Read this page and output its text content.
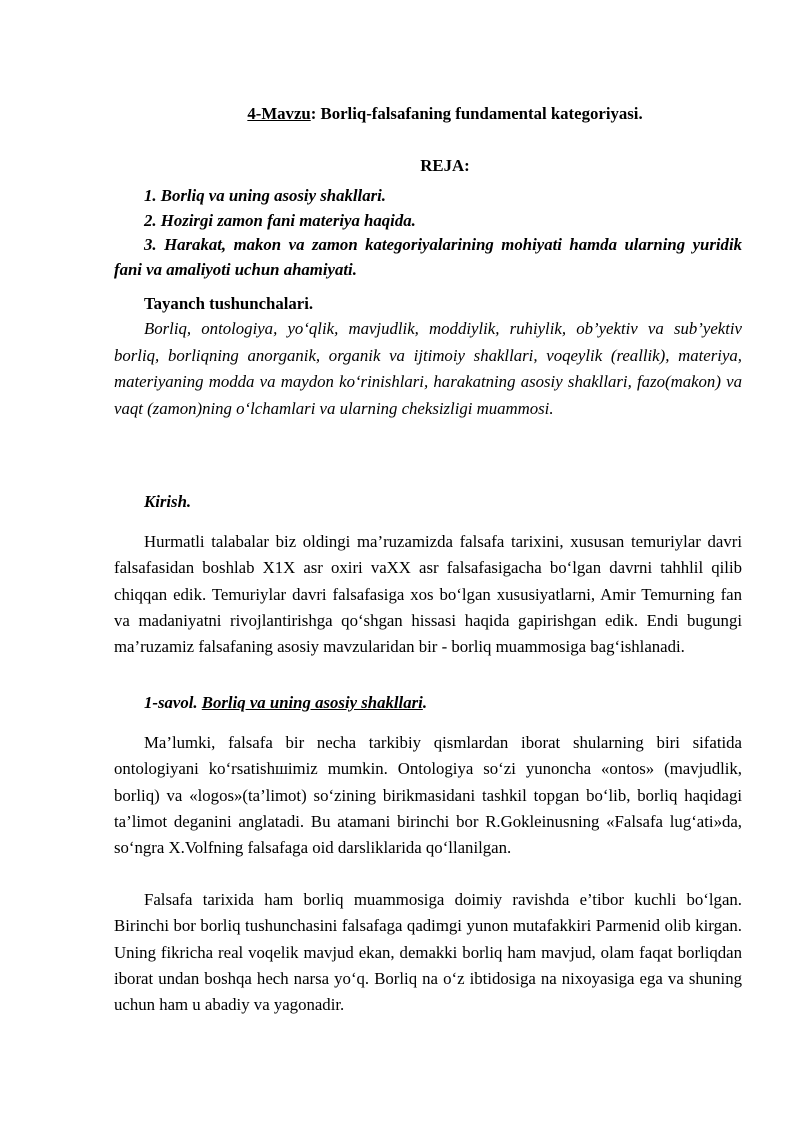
4-Mavzu: Borliq-falsafaning fundamental kategoriyasi.
REJA:
1. Borliq va uning asosiy shakllari.
2. Hozirgi zamon fani materiya haqida.
3. Harakat, makon va zamon kategoriyalarining mohiyati hamda ularning yuridik fani va amaliyoti uchun ahamiyati.
Tayanch tushunchalari.
Borliq, ontologiya, yo‘qlik, mavjudlik, moddiylik, ruhiylik, ob’yektiv va sub’yektiv borliq, borliqning anorganik, organik va ijtimoiy shakllari, voqeylik (reallik), materiya, materiyaning modda va maydon ko‘rinishlari, harakatning asosiy shakllari, fazo(makon) va vaqt (zamon)ning o‘lchamlari va ularning cheksizligi muammosi.
Kirish.
Hurmatli talabalar biz oldingi ma’ruzamizda falsafa tarixini, xususan temuriylar davri falsafasidan boshlab X1X asr oxiri vaXX asr falsafasigacha bo‘lgan davrni tahhlil qilib chiqqan edik. Temuriylar davri falsafasiga xos bo‘lgan xususiyatlarni, Amir Temurning fan va madaniyatni rivojlantirishga qo‘shgan hissasi haqida gapirishgan edik. Endi bugungi ma’ruzamiz falsafaning asosiy mavzularidan bir - borliq muammosiga bag‘ishlanadi.
1-savol. Borliq va uning asosiy shakllari.
Ma’lumki, falsafa bir necha tarkibiy qismlardan iborat shularning biri sifatida ontologiyani ko‘rsatishшimiz mumkin. Ontologiya so‘zi yunoncha «ontos» (mavjudlik, borliq) va «logos»(ta’limot) so‘zining birikmasidani tashkil topgan bo‘lib, borliq haqidagi ta’limot deganini anglatadi. Bu atamani birinchi bor R.Gokleinusning «Falsafa lug‘ati»da, so‘ngra X.Volfning falsafaga oid darsliklarida qo‘llanilgan.
Falsafa tarixida ham borliq muammosiga doimiy ravishda e’tibor kuchli bo‘lgan. Birinchi bor borliq tushunchasini falsafaga qadimgi yunon mutafakkiri Parmenid olib kirgan. Uning fikricha real voqelik mavjud ekan, demakki borliq ham mavjud, olam faqat borliqdan iborat undan boshqa hech narsa yo‘q. Borliq na o‘z ibtidosiga na nixoyasiga ega va shuning uchun ham u abadiy va yagonadir.
